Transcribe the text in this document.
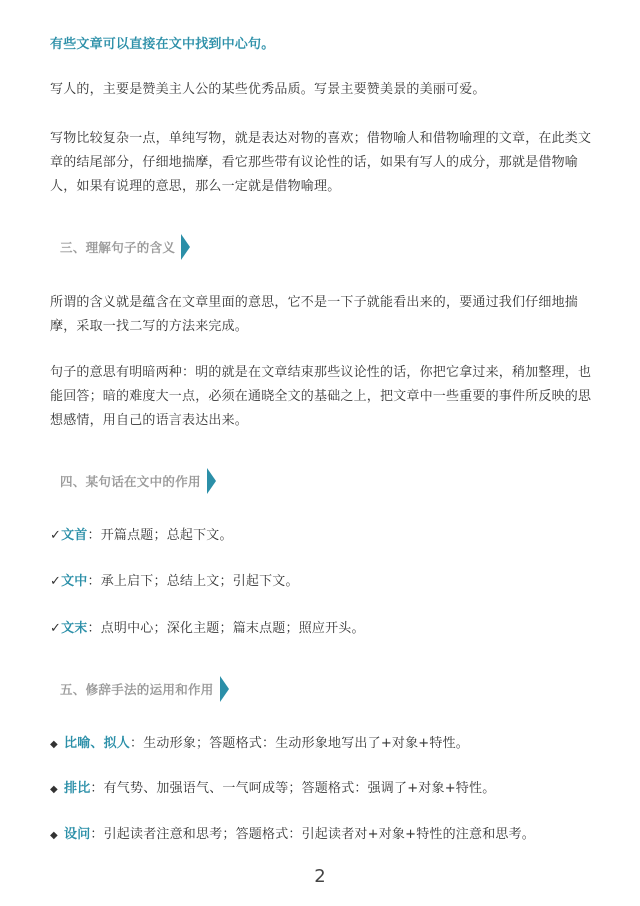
有些文章可以直接在文中找到中心句。
写人的，主要是赞美主人公的某些优秀品质。写景主要赞美景的美丽可爱。
写物比较复杂一点，单纯写物，就是表达对物的喜欢；借物喻人和借物喻理的文章，在此类文章的结尾部分，仔细地揣摩，看它那些带有议论性的话，如果有写人的成分，那就是借物喻人，如果有说理的意思，那么一定就是借物喻理。
三、理解句子的含义
所谓的含义就是蕴含在文章里面的意思，它不是一下子就能看出来的，要通过我们仔细地揣摩，采取一找二写的方法来完成。
句子的意思有明暗两种：明的就是在文章结束那些议论性的话，你把它拿过来，稍加整理，也能回答；暗的难度大一点，必须在通晓全文的基础之上，把文章中一些重要的事件所反映的思想感情，用自己的语言表达出来。
四、某句话在文中的作用
✓文首：开篇点题；总起下文。
✓文中：承上启下；总结上文；引起下文。
✓文末：点明中心；深化主题；篇末点题；照应开头。
五、修辞手法的运用和作用
◆ 比喻、拟人：生动形象；答题格式：生动形象地写出了+对象+特性。
◆ 排比：有气势、加强语气、一气呵成等；答题格式：强调了+对象+特性。
◆ 设问：引起读者注意和思考；答题格式：引起读者对+对象+特性的注意和思考。
2
